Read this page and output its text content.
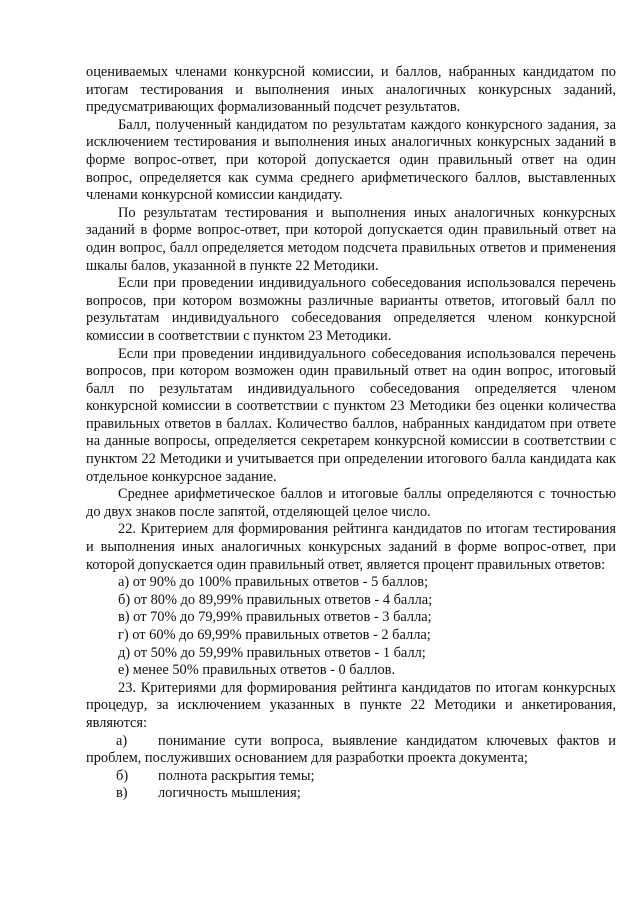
оцениваемых членами конкурсной комиссии, и баллов, набранных кандидатом по

итогам тестирования и выполнения иных аналогичных конкурсных заданий,

предусматривающих формализованный подсчет результатов.

Балл, полученный кандидатом по результатам каждого конкурсного задания, за исключением тестирования и выполнения иных аналогичных конкурсных заданий в форме вопрос-ответ, при которой допускается один правильный ответ на один вопрос, определяется как сумма среднего арифметического баллов, выставленных членами конкурсной комиссии кандидату.

По результатам тестирования и выполнения иных аналогичных конкурсных заданий в форме вопрос-ответ, при которой допускается один правильный ответ на один вопрос, балл определяется методом подсчета правильных ответов и применения шкалы балов, указанной в пункте 22 Методики.

Если при проведении индивидуального собеседования использовался перечень вопросов, при котором возможны различные варианты ответов, итоговый балл по результатам индивидуального собеседования определяется членом конкурсной комиссии в соответствии с пунктом 23 Методики.

Если при проведении индивидуального собеседования использовался перечень вопросов, при котором возможен один правильный ответ на один вопрос, итоговый балл по результатам индивидуального собеседования определяется членом конкурсной комиссии в соответствии с пунктом 23 Методики без оценки количества правильных ответов в баллах. Количество баллов, набранных кандидатом при ответе на данные вопросы, определяется секретарем конкурсной комиссии в соответствии с пунктом 22 Методики и учитывается при определении итогового балла кандидата как отдельное конкурсное задание.

Среднее арифметическое баллов и итоговые баллы определяются с точностью до двух знаков после запятой, отделяющей целое число.

22. Критерием для формирования рейтинга кандидатов по итогам тестирования и выполнения иных аналогичных конкурсных заданий в форме вопрос-ответ, при которой допускается один правильный ответ, является процент правильных ответов:

а) от 90% до 100% правильных ответов - 5 баллов;

б) от 80% до 89,99% правильных ответов - 4 балла;

в) от 70% до 79,99% правильных ответов - 3 балла;

г) от 60% до 69,99% правильных ответов - 2 балла;

д) от 50% до 59,99% правильных ответов - 1 балл;

е) менее 50% правильных ответов - 0 баллов.

23. Критериями для формирования рейтинга кандидатов по итогам конкурсных процедур, за исключением указанных в пункте 22 Методики и анкетирования, являются:

а)	понимание сути вопроса, выявление кандидатом ключевых фактов и

проблем, послуживших основанием для разработки проекта документа;

б)	полнота раскрытия темы;

в)	логичность мышления;
